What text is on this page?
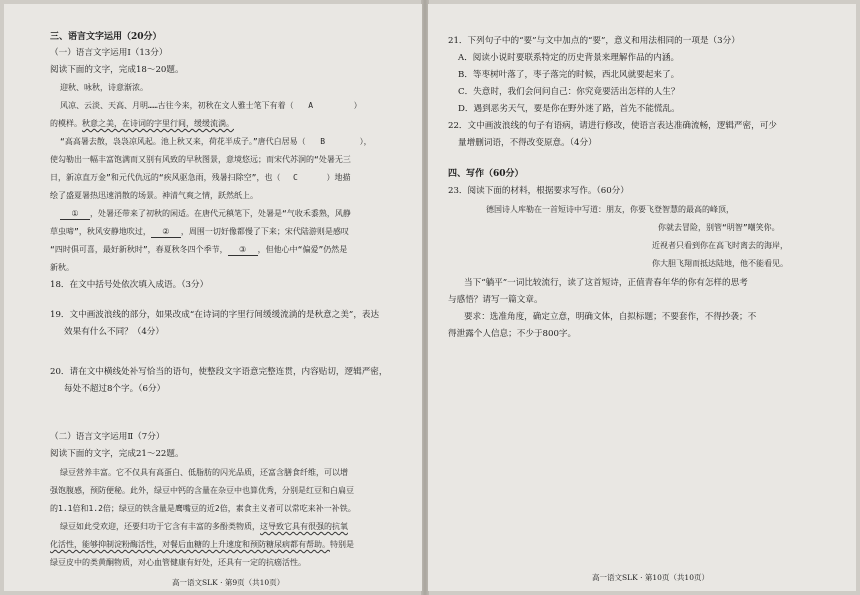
三、语言文字运用（20分）
（一）语言文字运用Ⅰ（13分）
阅读下面的文字，完成18～20题。
迎秋、咏秋，诗意渐浓。
风凉、云淡、天高、月明……古往今来，初秋在文人雅士笔下有着（ A	）
的模样。秋意之美，在诗词的字里行间，缓缓流淌。
“高高暑去散，袅袅凉风起。池上秋又来，荷花半成子。”唐代白居易（ B	），
使勾勒出一幅丰富饱满而又别有风致的早秋图景，意境悠远；而宋代苏泂的“处暑无三
日，新凉直万金”和元代仇远的“疾风驱急雨，残暑扫除空”，也（ C	）地描
绘了盛夏暑热迅速消散的场景。神清气爽之情，跃然纸上。
① ，处暑还带来了初秋的闲适。在唐代元稹笔下，处暑是“气收禾黍熟，风静
草虫啼”，秋风安静地吹过， ② ，周围一切好像都慢了下来；宋代陆游则是感叹
“四时俱可喜，最好新秋时”，春夏秋冬四个季节， ③ ，但他心中“偏爱”仍然是
新秋。
18．在文中括号处依次填入成语。（3分）
19．文中画波浪线的部分，如果改成“在诗词的字里行间缓缓流淌的是秋意之美”，表达
效果有什么不同？（4分）
20．请在文中横线处补写恰当的语句，使整段文字语意完整连贯，内容贴切，逻辑严密，
每处不超过8个字。（6分）
（二）语言文字运用Ⅱ（7分）
阅读下面的文字，完成21～22题。
绿豆营养丰富。它不仅具有高蛋白、低脂肪的闪光品质，还富含膳食纤维，可以增
强饱腹感，预防便秘。此外，绿豆中钙的含量在杂豆中也算优秀，分别是红豆和白扁豆
的1.1倍和1.2倍；绿豆的铁含量是鹰嘴豆的近2倍，素食主义者可以常吃来补一补铁。
绿豆如此受欢迎，还要归功于它含有丰富的多酚类物质，这导致它具有很强的抗氧
化活性，能够抑制淀粉酶活性，对餐后血糖的上升速度和预防糖尿病都有帮助。特别是
绿豆皮中的类黄酮物质，对心血管健康有好处，还具有一定的抗癌活性。
高一语文SLK · 第9页（共10页）
21．下列句子中的“要”与文中加点的“要”，意义和用法相同的一项是（3分）
A．阅读小说时要联系特定的历史背景来理解作品的内涵。
B．等枣树叶落了，枣子落完的时候，西北风就要起来了。
C．失意时，我们会问问自己：你究竟要活出怎样的人生？
D．遇到恶劣天气，要是你在野外迷了路，首先不能慌乱。
22．文中画波浪线的句子有语病，请进行修改，使语言表达准确流畅，逻辑严密，可少
量增删词语，不得改变原意。（4分）
四、写作（60分）
23．阅读下面的材料，根据要求写作。（60分）
德国诗人库勒在一首短诗中写道：朋友，你要飞登智慧的最高的峰顶，
你就去冒险，别管“明智”嘲笑你。
近视者只看到你在高飞时离去的海岸，
你大胆飞翔而抵达陆地，他不能看见。
当下“躺平”一词比较流行，读了这首短诗，正值青春年华的你有怎样的思考
与感悟？请写一篇文章。
要求：选准角度，确定立意，明确文体，自拟标题；不要套作，不得抄袭；不
得泄露个人信息；不少于800字。
高一语文SLK · 第10页（共10页）
